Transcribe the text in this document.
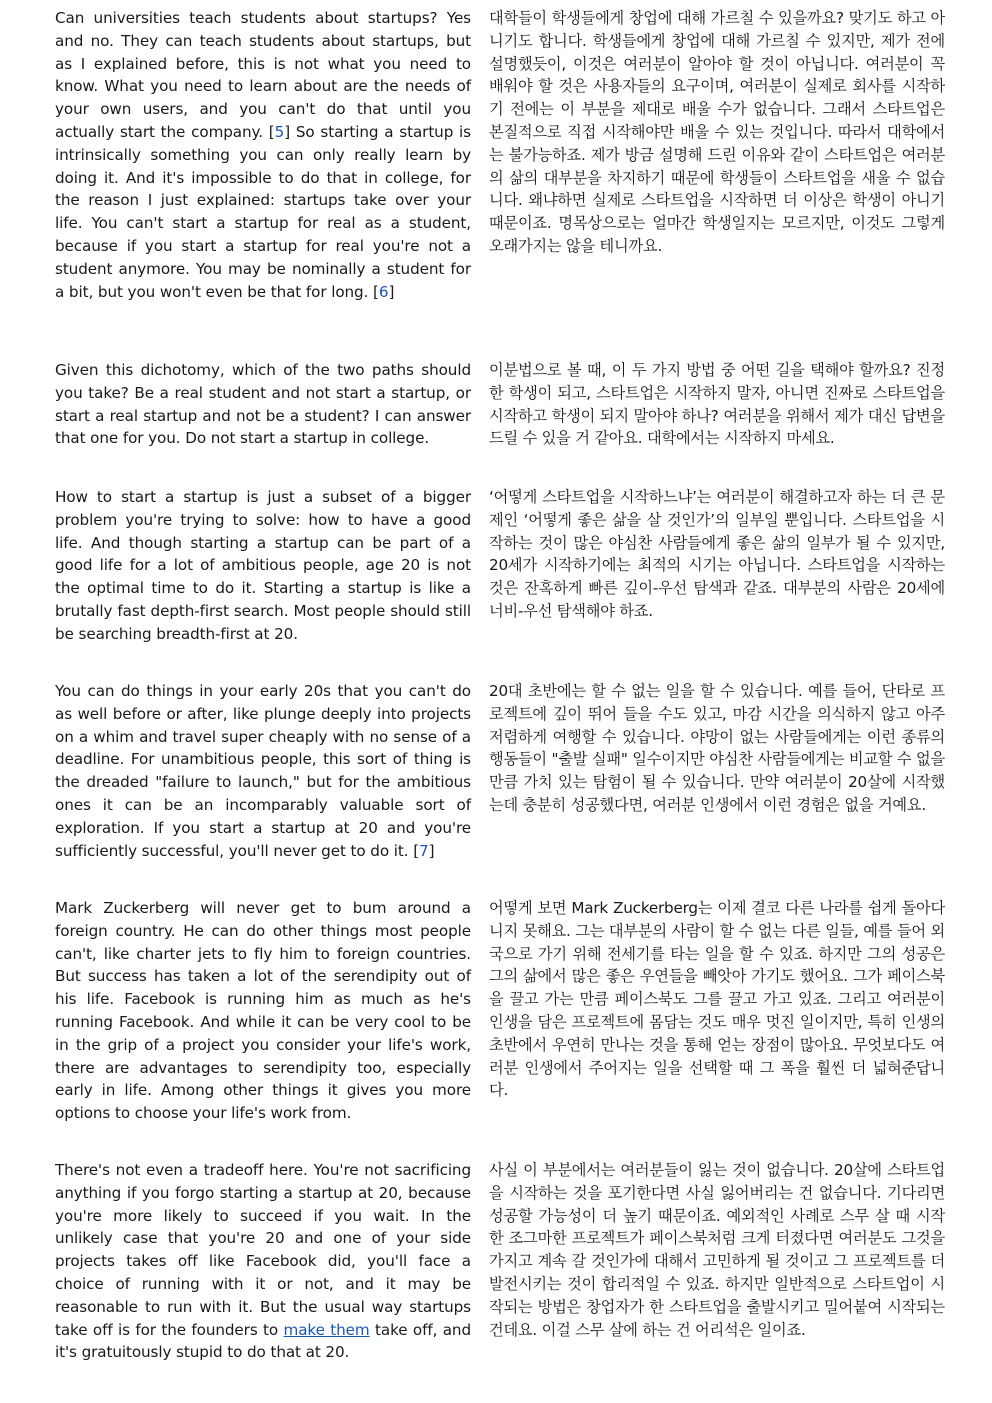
Can universities teach students about startups? Yes and no. They can teach students about startups, but as I explained before, this is not what you need to know. What you need to learn about are the needs of your own users, and you can't do that until you actually start the company. [5] So starting a startup is intrinsically something you can only really learn by doing it. And it's impossible to do that in college, for the reason I just explained: startups take over your life. You can't start a startup for real as a student, because if you start a startup for real you're not a student anymore. You may be nominally a student for a bit, but you won't even be that for long. [6]
대학들이 학생들에게 창업에 대해 가르칠 수 있을까요? 맞기도 하고 아니기도 합니다. 학생들에게 창업에 대해 가르칠 수 있지만, 제가 전에 설명했듯이, 이것은 여러분이 알아야 할 것이 아닙니다. 여러분이 꼭 배워야 할 것은 사용자들의 요구이며, 여러분이 실제로 회사를 시작하기 전에는 이 부분을 제대로 배울 수가 없습니다. 그래서 스타트업은 본질적으로 직접 시작해야만 배울 수 있는 것입니다. 따라서 대학에서는 불가능하죠. 제가 방금 설명해 드린 이유와 같이 스타트업은 여러분의 삶의 대부분을 차지하기 때문에 학생들이 스타트업을 새울 수 없습니다. 왜냐하면 실제로 스타트업을 시작하면 더 이상은 학생이 아니기 때문이죠. 명목상으로는 얼마간 학생일지는 모르지만, 이것도 그렇게 오래가지는 않을 테니까요.
Given this dichotomy, which of the two paths should you take? Be a real student and not start a startup, or start a real startup and not be a student? I can answer that one for you. Do not start a startup in college.
이분법으로 볼 때, 이 두 가지 방법 중 어떤 길을 택해야 할까요? 진정한 학생이 되고, 스타트업은 시작하지 말자, 아니면 진짜로 스타트업을 시작하고 학생이 되지 말아야 하나? 여러분을 위해서 제가 대신 답변을 드릴 수 있을 거 같아요. 대학에서는 시작하지 마세요.
How to start a startup is just a subset of a bigger problem you're trying to solve: how to have a good life. And though starting a startup can be part of a good life for a lot of ambitious people, age 20 is not the optimal time to do it. Starting a startup is like a brutally fast depth-first search. Most people should still be searching breadth-first at 20.
‘어떻게 스타트업을 시작하느냐’는 여러분이 해결하고자 하는 더 큰 문제인 ‘어떻게 좋은 삶을 살 것인가’의 일부일 뿐입니다. 스타트업을 시작하는 것이 많은 야심찬 사람들에게 좋은 삶의 일부가 될 수 있지만, 20세가 시작하기에는 최적의 시기는 아닙니다. 스타트업을 시작하는 것은 잔혹하게 빠른 깊이-우선 탐색과 같죠. 대부분의 사람은 20세에 너비-우선 탐색해야 하죠.
You can do things in your early 20s that you can't do as well before or after, like plunge deeply into projects on a whim and travel super cheaply with no sense of a deadline. For unambitious people, this sort of thing is the dreaded "failure to launch," but for the ambitious ones it can be an incomparably valuable sort of exploration. If you start a startup at 20 and you're sufficiently successful, you'll never get to do it. [7]
20대 초반에는 할 수 없는 일을 할 수 있습니다. 예를 들어, 단타로 프로젝트에 깊이 뛰어 들을 수도 있고, 마감 시간을 의식하지 않고 아주 저렴하게 여행할 수 있습니다. 야망이 없는 사람들에게는 이런 종류의 행동들이 "출발 실패" 일수이지만 야심찬 사람들에게는 비교할 수 없을 만큼 가치 있는 탐험이 될 수 있습니다. 만약 여러분이 20살에 시작했는데 충분히 성공했다면, 여러분 인생에서 이런 경험은 없을 거예요.
Mark Zuckerberg will never get to bum around a foreign country. He can do other things most people can't, like charter jets to fly him to foreign countries. But success has taken a lot of the serendipity out of his life. Facebook is running him as much as he's running Facebook. And while it can be very cool to be in the grip of a project you consider your life's work, there are advantages to serendipity too, especially early in life. Among other things it gives you more options to choose your life's work from.
어떻게 보면 Mark Zuckerberg는 이제 결코 다른 나라를 쉽게 돌아다니지 못해요. 그는 대부분의 사람이 할 수 없는 다른 일들, 예를 들어 외국으로 가기 위해 전세기를 타는 일을 할 수 있죠. 하지만 그의 성공은 그의 삶에서 많은 좋은 우연들을 빼앗아 가기도 했어요. 그가 페이스북을 끌고 가는 만큼 페이스북도 그를 끌고 가고 있죠. 그리고 여러분이 인생을 담은 프로젝트에 몸담는 것도 매우 멋진 일이지만, 특히 인생의 초반에서 우연히 만나는 것을 통해 얻는 장점이 많아요. 무엇보다도 여러분 인생에서 주어지는 일을 선택할 때 그 폭을 훨씬 더 넓혀준답니다.
There's not even a tradeoff here. You're not sacrificing anything if you forgo starting a startup at 20, because you're more likely to succeed if you wait. In the unlikely case that you're 20 and one of your side projects takes off like Facebook did, you'll face a choice of running with it or not, and it may be reasonable to run with it. But the usual way startups take off is for the founders to make them take off, and it's gratuitously stupid to do that at 20.
사실 이 부분에서는 여러분들이 잃는 것이 없습니다. 20살에 스타트업을 시작하는 것을 포기한다면 사실 잃어버리는 건 없습니다. 기다리면 성공할 가능성이 더 높기 때문이죠. 예외적인 사례로 스무 살 때 시작한 조그마한 프로젝트가 페이스북처럼 크게 터졌다면 여러분도 그것을 가지고 계속 갈 것인가에 대해서 고민하게 될 것이고 그 프로젝트를 더 발전시키는 것이 합리적일 수 있죠. 하지만 일반적으로 스타트업이 시작되는 방법은 창업자가 한 스타트업을 출발시키고 밀어붙여 시작되는 건데요. 이걸 스무 살에 하는 건 어리석은 일이죠.
